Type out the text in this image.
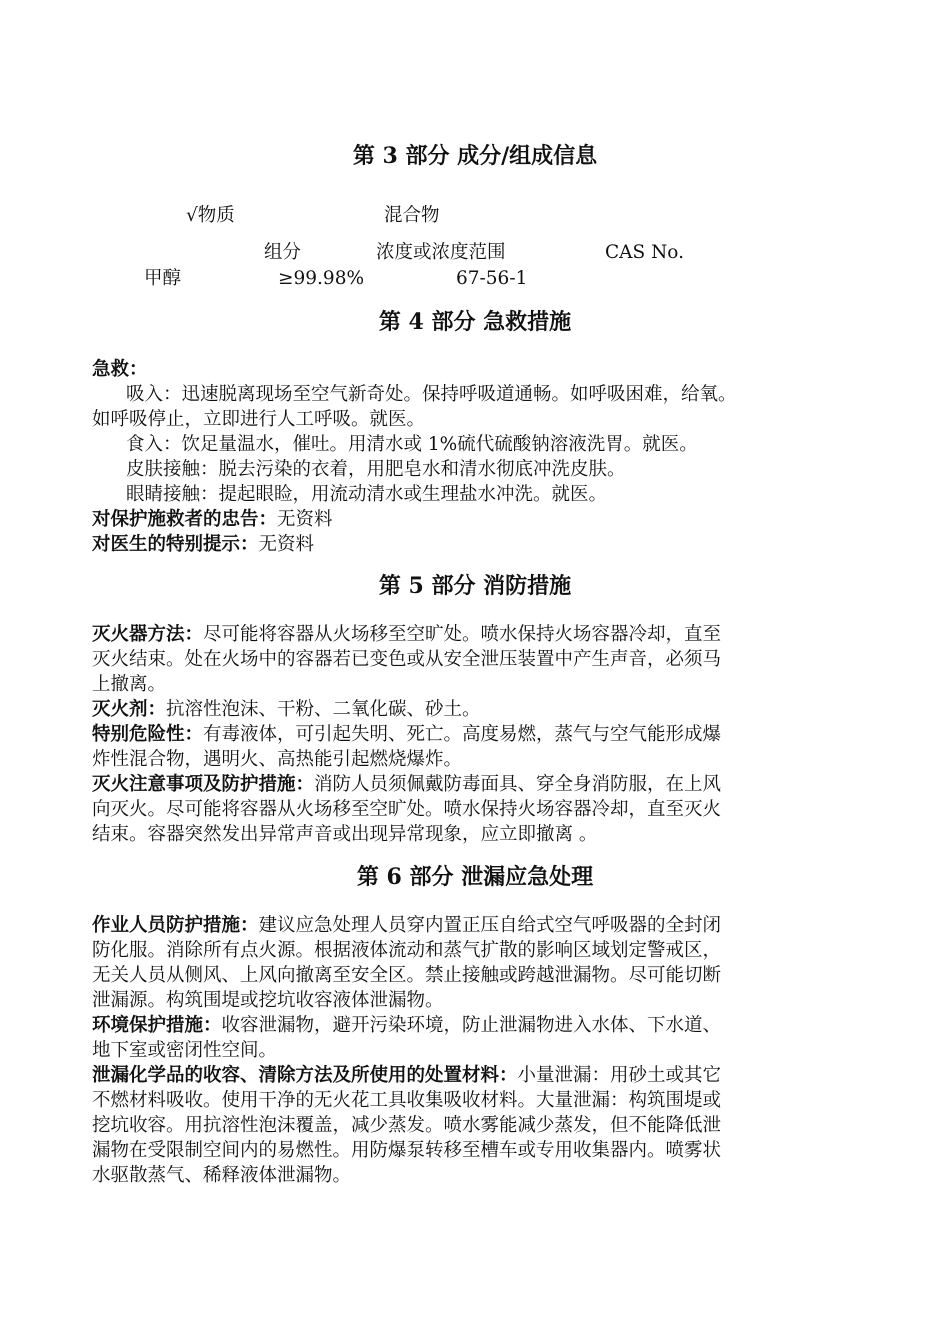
第 3 部分 成分/组成信息
√物质	混合物
组分	浓度或浓度范围	CAS No.
甲醇	≥99.98%	67-56-1
第 4 部分 急救措施
急救：
吸入：迅速脱离现场至空气新奇处。保持呼吸道通畅。如呼吸困难，给氧。
如呼吸停止，立即进行人工呼吸。就医。
食入：饮足量温水，催吐。用清水或 1%硫代硫酸钠溶液洗胃。就医。
皮肤接触：脱去污染的衣着，用肥皂水和清水彻底冲洗皮肤。
眼睛接触：提起眼睑，用流动清水或生理盐水冲洗。就医。
对保护施救者的忠告：无资料
对医生的特别提示：无资料
第 5 部分 消防措施
灭火器方法：尽可能将容器从火场移至空旷处。喷水保持火场容器冷却，直至
灭火结束。处在火场中的容器若已变色或从安全泄压装置中产生声音，必须马
上撤离。
灭火剂：抗溶性泡沫、干粉、二氧化碳、砂土。
特别危险性：有毒液体，可引起失明、死亡。高度易燃，蒸气与空气能形成爆
炸性混合物，遇明火、高热能引起燃烧爆炸。
灭火注意事项及防护措施：消防人员须佩戴防毒面具、穿全身消防服，在上风
向灭火。尽可能将容器从火场移至空旷处。喷水保持火场容器冷却，直至灭火
结束。容器突然发出异常声音或出现异常现象，应立即撤离 。
第 6 部分 泄漏应急处理
作业人员防护措施：建议应急处理人员穿内置正压自给式空气呼吸器的全封闭
防化服。消除所有点火源。根据液体流动和蒸气扩散的影响区域划定警戒区，
无关人员从侧风、上风向撤离至安全区。禁止接触或跨越泄漏物。尽可能切断
泄漏源。构筑围堤或挖坑收容液体泄漏物。
环境保护措施：收容泄漏物，避开污染环境，防止泄漏物进入水体、下水道、
地下室或密闭性空间。
泄漏化学品的收容、清除方法及所使用的处置材料：小量泄漏：用砂土或其它
不燃材料吸收。使用干净的无火花工具收集吸收材料。大量泄漏：构筑围堤或
挖坑收容。用抗溶性泡沫覆盖，减少蒸发。喷水雾能减少蒸发，但不能降低泄
漏物在受限制空间内的易燃性。用防爆泵转移至槽车或专用收集器内。喷雾状
水驱散蒸气、稀释液体泄漏物。
